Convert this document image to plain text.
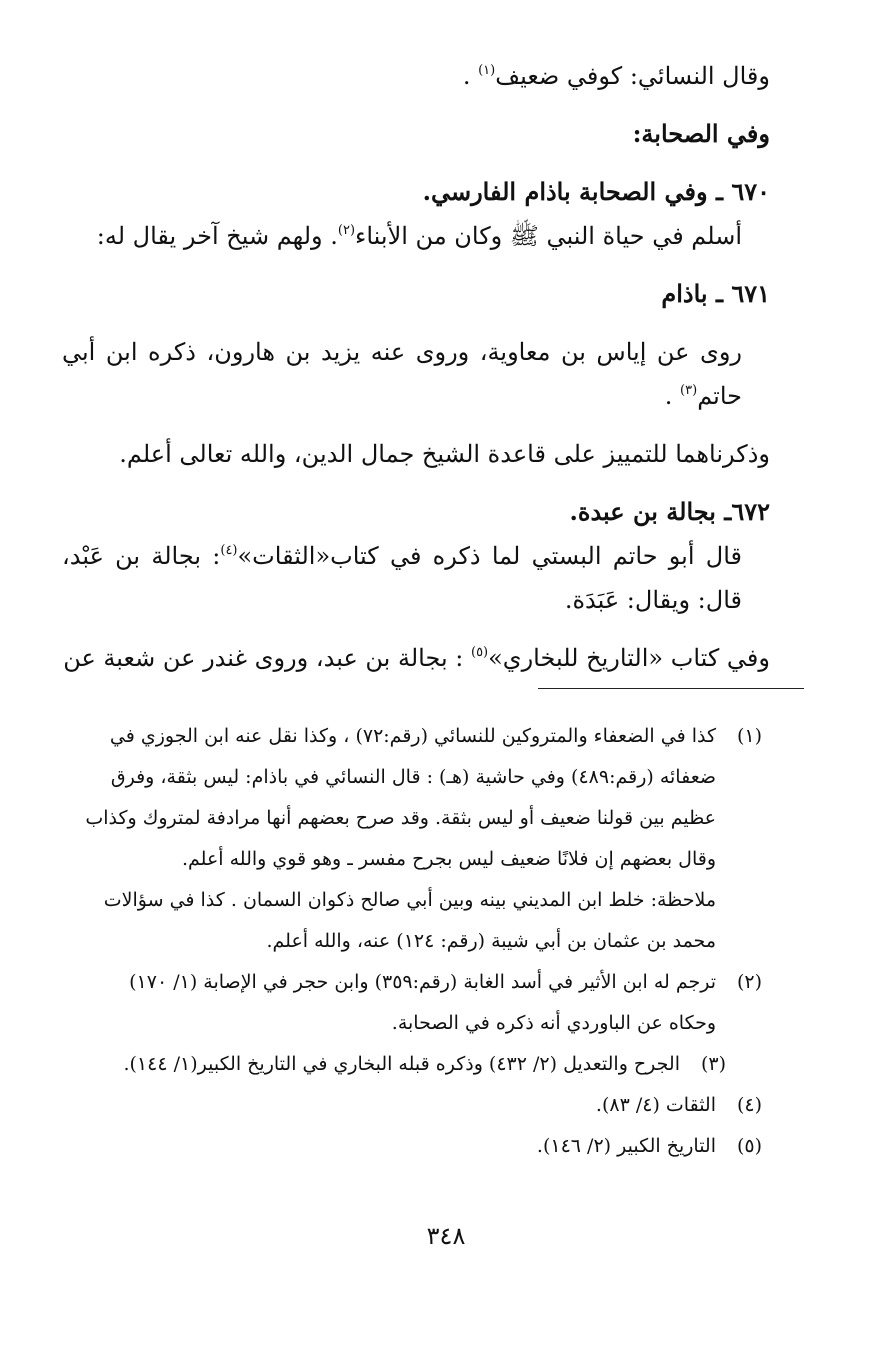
وقال النسائي: كوفي ضعيف$^{(١)}$ .

وفي الصحابة:

٦٧٠ ـ وفي الصحابة باذام الفارسي.

أسلم في حياة النبي ﷺ وكان من الأبناء$^{(٢)}$. ولهم شيخ آخر يقال له:

٦٧١ ـ باذام

روى عن إياس بن معاوية، وروى عنه يزيد بن هارون، ذكره ابن أبي حاتم$^{(٣)}$ .

وذكرناهما للتمييز على قاعدة الشيخ جمال الدين، والله تعالى أعلم.

٦٧٢ـ بجالة بن عبدة.

قال أبو حاتم البستي لما ذكره في كتاب«الثقات»$^{(٤)}$: بجالة بن عَبْد، قال: ويقال: عَبَدَة.

وفي كتاب «التاريخ للبخاري»$^{(٥)}$ : بجالة بن عبد، وروى غندر عن شعبة عن

(١)
كذا في الضعفاء والمتروكين للنسائي (رقم:٧٢) ، وكذا نقل عنه ابن الجوزي في
ضعفائه (رقم:٤٨٩) وفي حاشية (هـ) : قال النسائي في باذام: ليس بثقة، وفرق
عظيم بين قولنا ضعيف أو ليس بثقة. وقد صرح بعضهم أنها مرادفة لمتروك وكذاب
وقال بعضهم إن فلانًا ضعيف ليس بجرح مفسر ـ وهو قوي والله أعلم.
ملاحظة: خلط ابن المديني بينه وبين أبي صالح ذكوان السمان . كذا في سؤالات
محمد بن عثمان بن أبي شيبة (رقم: ١٢٤) عنه، والله أعلم.
(٢)
ترجم له ابن الأثير في أسد الغابة (رقم:٣٥٩) وابن حجر في الإصابة (١/ ١٧٠)
وحكاه عن الباوردي أنه ذكره في الصحابة.
(٣)
الجرح والتعديل (٢/ ٤٣٢) وذكره قبله البخاري في التاريخ الكبير(١/ ١٤٤).
(٤)
الثقات (٤/ ٨٣).
(٥)
التاريخ الكبير (٢/ ١٤٦).
٣٤٨
